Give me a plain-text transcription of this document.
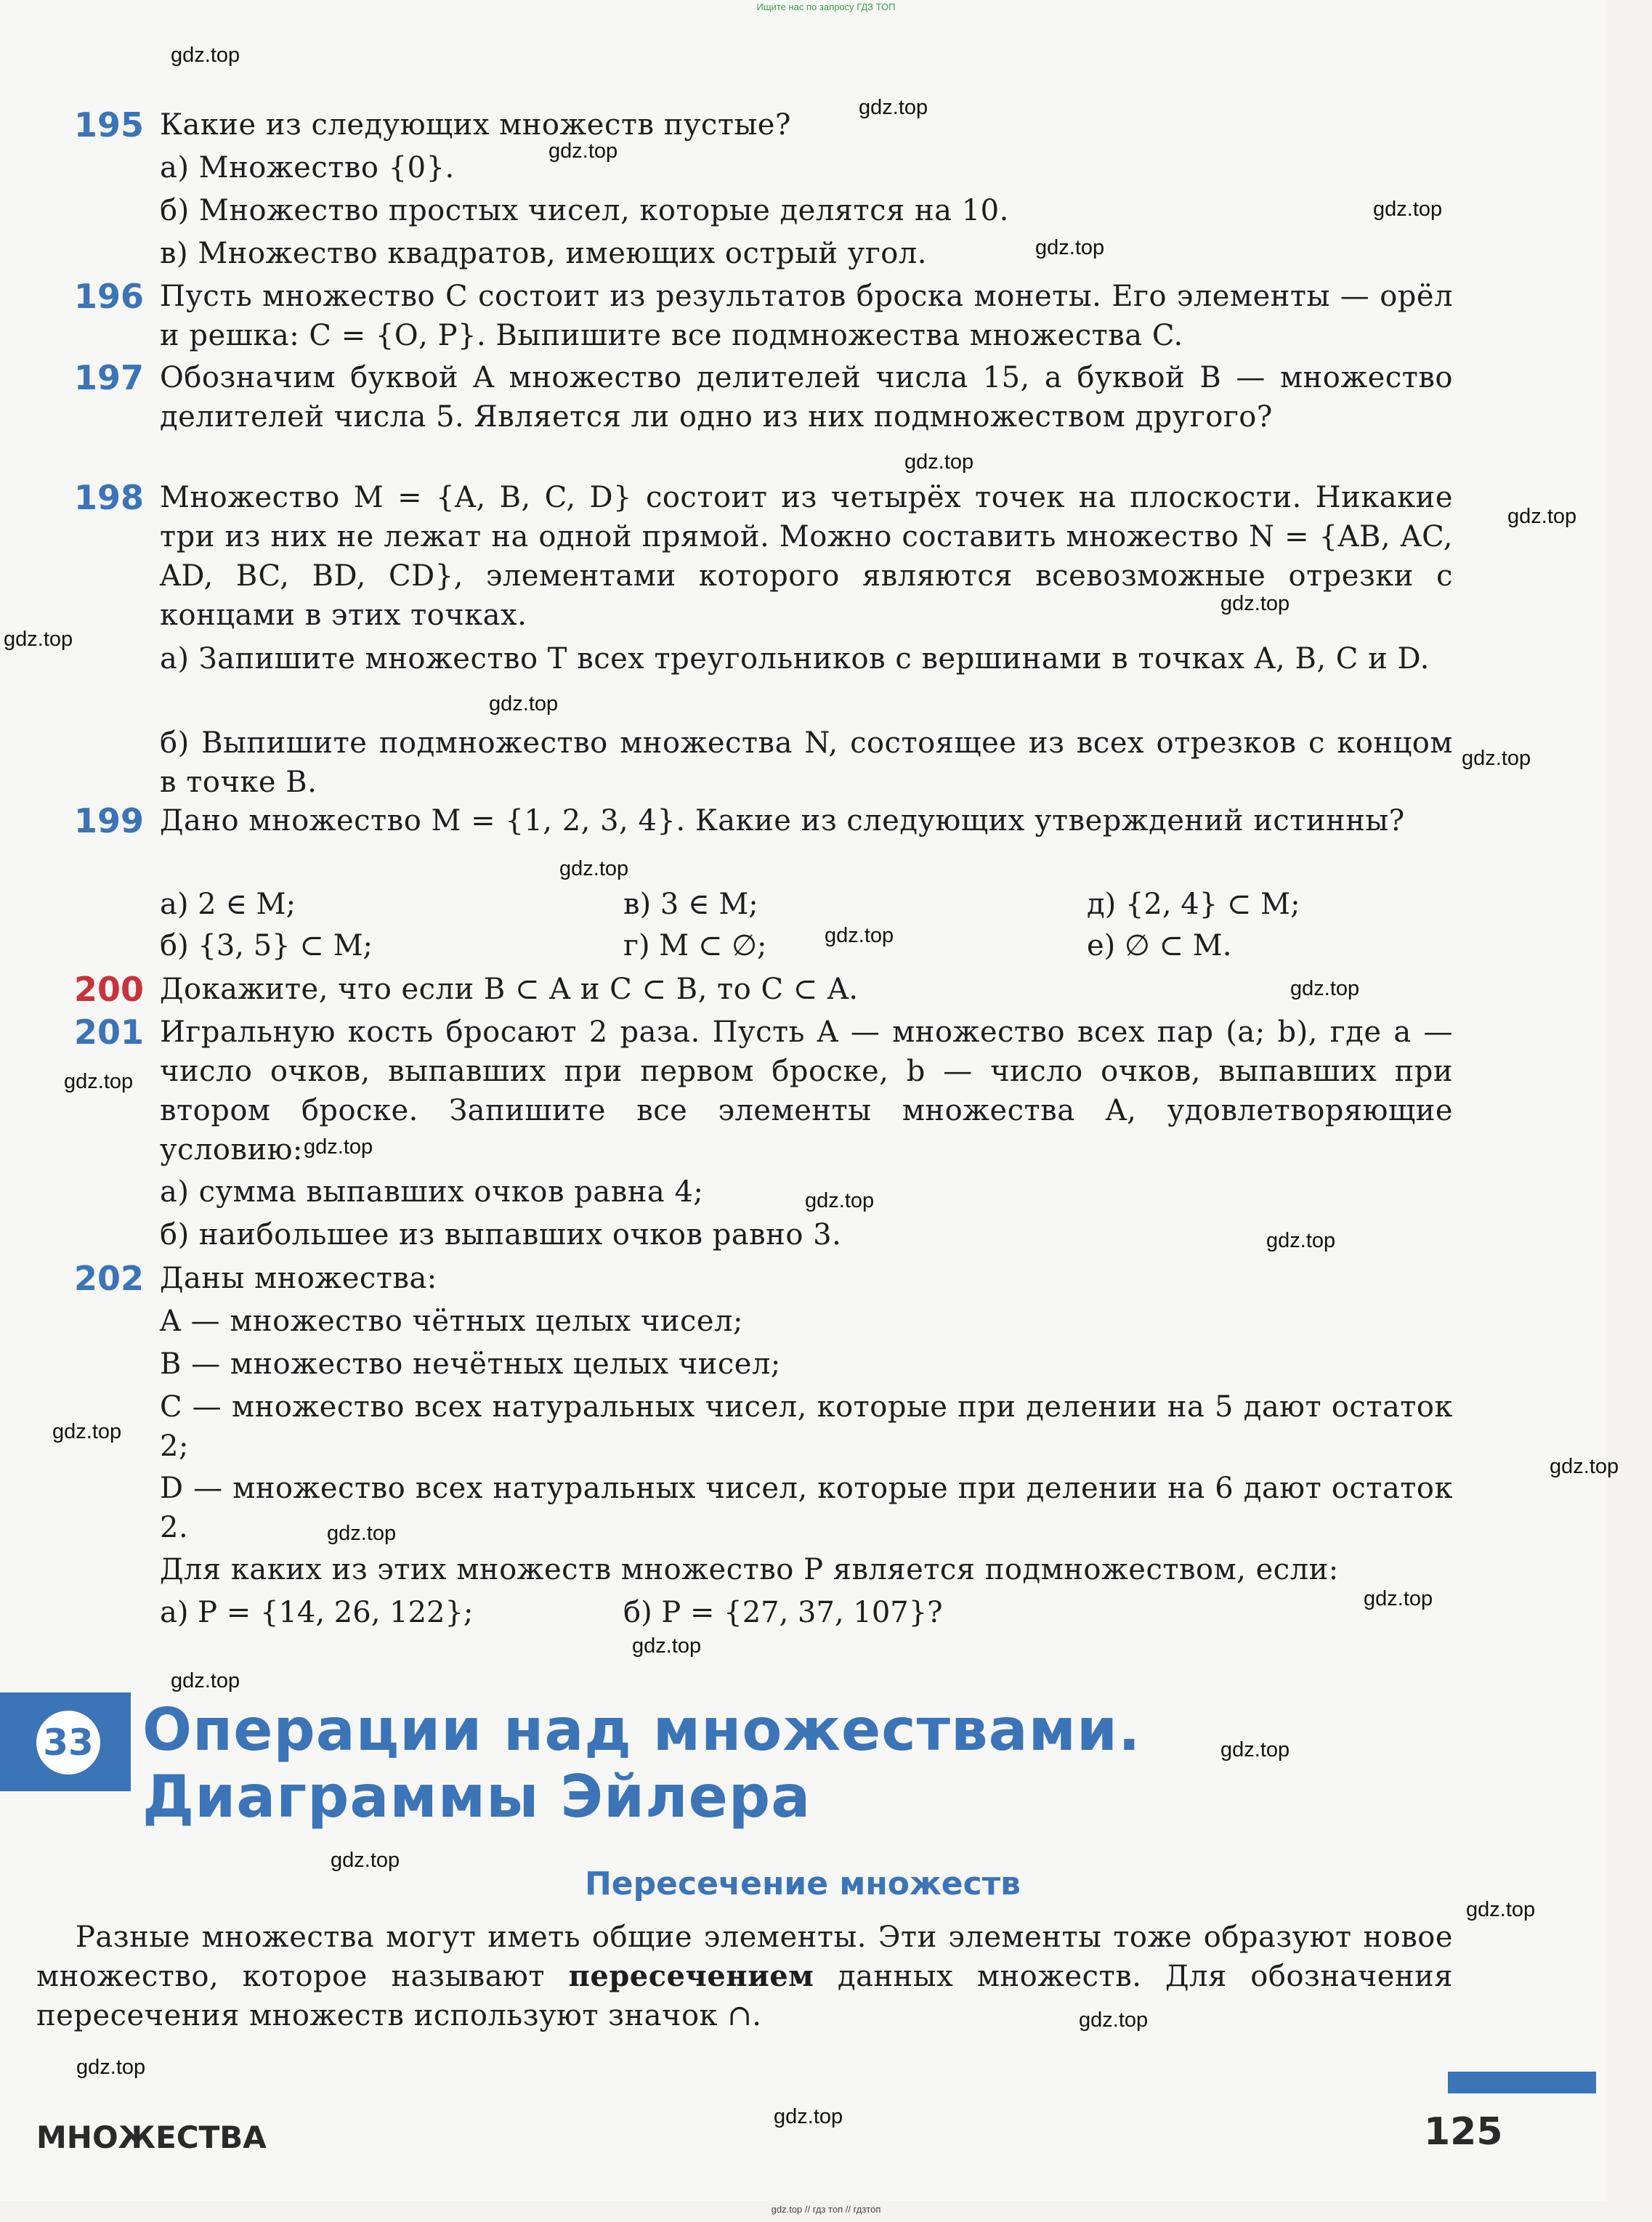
Ищите нас по запросу ГДЗ ТОП
195 Какие из следующих множеств пустые?
а) Множество {0}.
б) Множество простых чисел, которые делятся на 10.
в) Множество квадратов, имеющих острый угол.
196 Пусть множество C состоит из результатов броска монеты. Его элементы — орёл и решка: C = {О, Р}. Выпишите все подмножества множества C.
197 Обозначим буквой A множество делителей числа 15, а буквой B — множество делителей числа 5. Является ли одно из них подмножеством другого?
198 Множество M = {A, B, C, D} состоит из четырёх точек на плоскости. Никакие три из них не лежат на одной прямой. Можно составить множество N = {AB, AC, AD, BC, BD, CD}, элементами которого являются всевозможные отрезки с концами в этих точках.
а) Запишите множество T всех треугольников с вершинами в точках A, B, C и D.
б) Выпишите подмножество множества N, состоящее из всех отрезков с концом в точке B.
199 Дано множество M = {1, 2, 3, 4}. Какие из следующих утверждений истинны?
а) 2 ∈ M;	в) 3 ∈ M;	д) {2, 4} ⊂ M;
б) {3, 5} ⊂ M;	г) M ⊂ ∅;	е) ∅ ⊂ M.
200 Докажите, что если B ⊂ A и C ⊂ B, то C ⊂ A.
201 Игральную кость бросают 2 раза. Пусть A — множество всех пар (a; b), где a — число очков, выпавших при первом броске, b — число очков, выпавших при втором броске. Запишите все элементы множества A, удовлетворяющие условию:
а) сумма выпавших очков равна 4;
б) наибольшее из выпавших очков равно 3.
202 Даны множества:
A — множество чётных целых чисел;
B — множество нечётных целых чисел;
C — множество всех натуральных чисел, которые при делении на 5 дают остаток 2;
D — множество всех натуральных чисел, которые при делении на 6 дают остаток 2.
Для каких из этих множеств множество P является подмножеством, если:
а) P = {14, 26, 122};	б) P = {27, 37, 107}?
33 Операции над множествами.
Диаграммы Эйлера
Пересечение множеств
Разные множества могут иметь общие элементы. Эти элементы тоже образуют новое множество, которое называют пересечением данных множеств. Для обозначения пересечения множеств используют значок ∩.
МНОЖЕСТВА	125
gdz.top
gdz.top
gdz.top
gdz.top
gdz.top
gdz.top
gdz.top
gdz.top
gdz.top
gdz.top
gdz.top
gdz.top
gdz.top
gdz.top
gdz.top
gdz.top
gdz.top
gdz.top
gdz.top
gdz.top
gdz.top
gdz.top
gdz.top
gdz.top
gdz.top
gdz.top
gdz.top
gdz.top
gdz.top
gdz.top
gdz.top // гдз топ // гдзтоп
